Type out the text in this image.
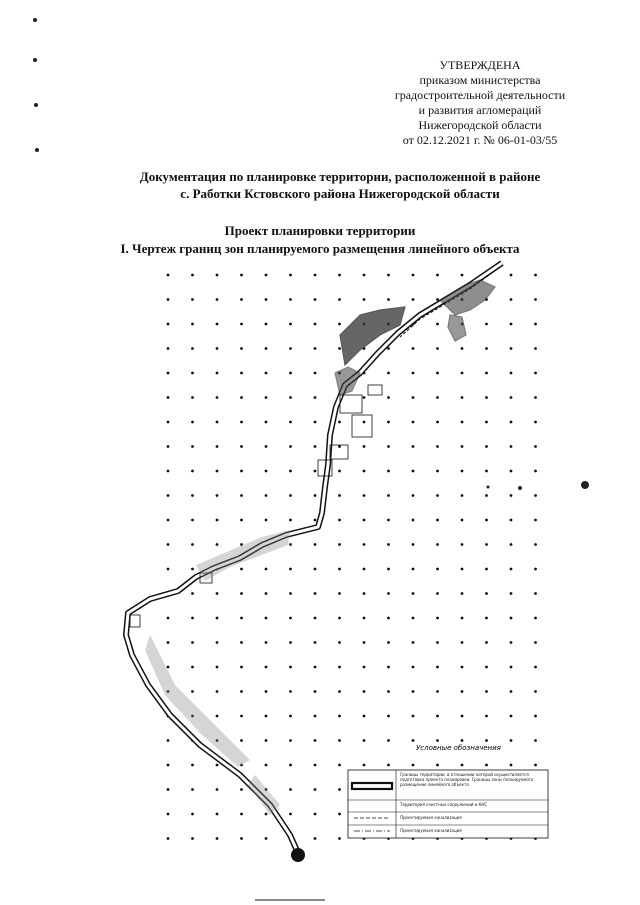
УТВЕРЖДЕНА
приказом министерства
градостроительной деятельности
и развития агломераций
Нижегородской области
от 02.12.2021 г. № 06-01-03/55
Документация по планировке территории, расположенной в районе
с. Работки Кстовского района Нижегородской области
Проект планировки территории
I. Чертеж границ зон планируемого размещения линейного объекта
Условные обозначения
Границы территории, в отношении которой осуществляется подготовка проекта планировки. Границы зоны планируемого размещения линейного объекта
Территория очистных сооружений и КНС
Проектируемая канализация
Проектируемая канализация
